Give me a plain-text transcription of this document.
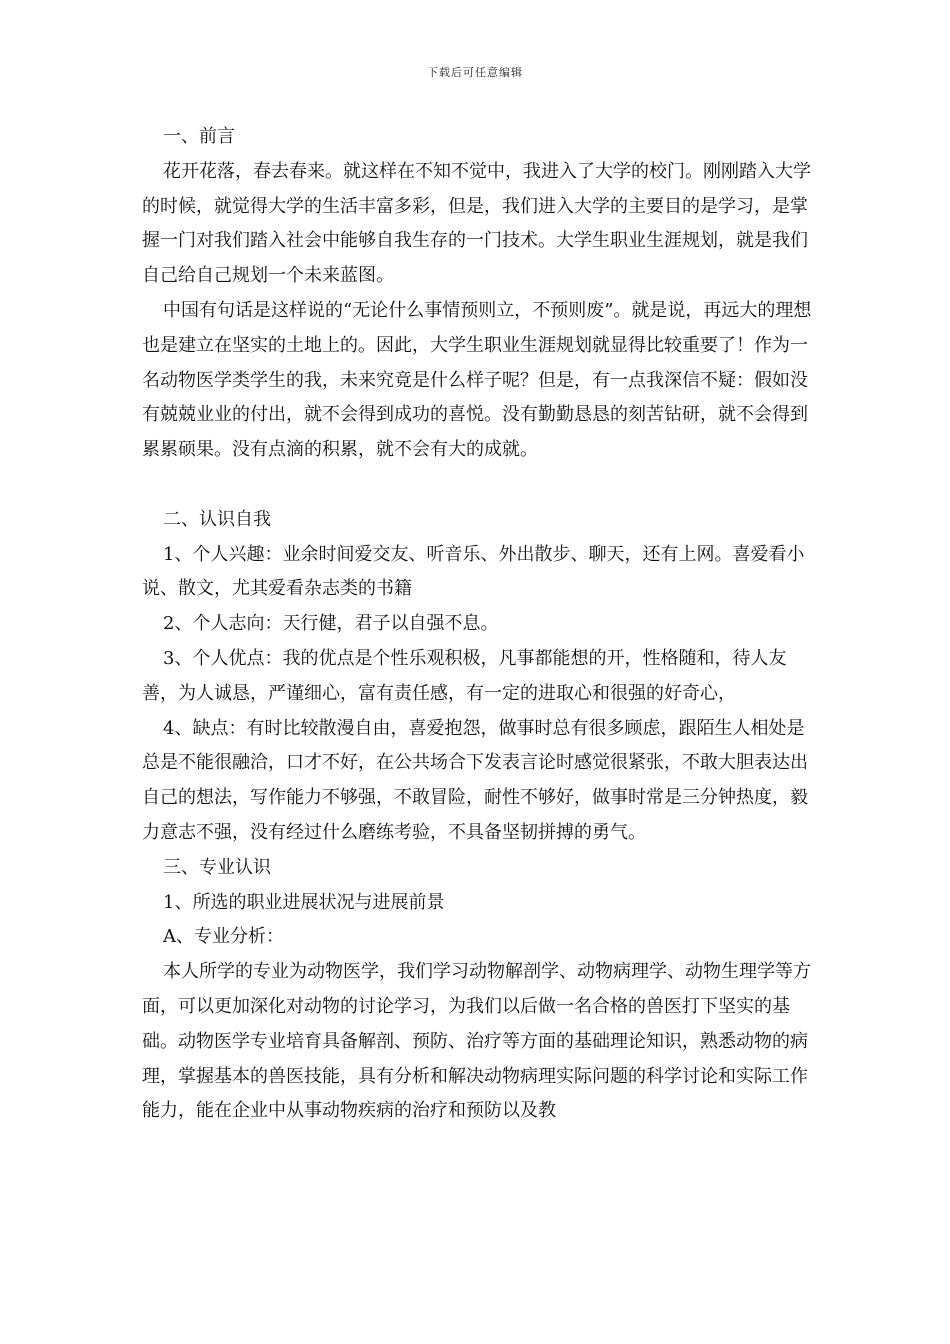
下载后可任意编辑

一、前言

花开花落，春去春来。就这样在不知不觉中，我进入了大学的校门。刚刚踏入大学的时候，就觉得大学的生活丰富多彩，但是，我们进入大学的主要目的是学习，是掌握一门对我们踏入社会中能够自我生存的一门技术。大学生职业生涯规划，就是我们自己给自己规划一个未来蓝图。

中国有句话是这样说的“无论什么事情预则立，不预则废”。就是说，再远大的理想也是建立在坚实的土地上的。因此，大学生职业生涯规划就显得比较重要了！作为一名动物医学类学生的我，未来究竟是什么样子呢？但是，有一点我深信不疑：假如没有兢兢业业的付出，就不会得到成功的喜悦。没有勤勤恳恳的刻苦钻研，就不会得到累累硕果。没有点滴的积累，就不会有大的成就。

二、认识自我

1、个人兴趣：业余时间爱交友、听音乐、外出散步、聊天，还有上网。喜爱看小说、散文，尤其爱看杂志类的书籍

2、个人志向：天行健，君子以自强不息。

3、个人优点：我的优点是个性乐观积极，凡事都能想的开，性格随和，待人友善，为人诚恳，严谨细心，富有责任感，有一定的进取心和很强的好奇心，

4、缺点：有时比较散漫自由，喜爱抱怨，做事时总有很多顾虑，跟陌生人相处是总是不能很融洽，口才不好，在公共场合下发表言论时感觉很紧张，不敢大胆表达出自己的想法，写作能力不够强，不敢冒险，耐性不够好，做事时常是三分钟热度，毅力意志不强，没有经过什么磨练考验，不具备坚韧拼搏的勇气。

三、专业认识

1、所选的职业进展状况与进展前景

A、专业分析：

本人所学的专业为动物医学，我们学习动物解剖学、动物病理学、动物生理学等方面，可以更加深化对动物的讨论学习，为我们以后做一名合格的兽医打下坚实的基础。动物医学专业培育具备解剖、预防、治疗等方面的基础理论知识，熟悉动物的病理，掌握基本的兽医技能，具有分析和解决动物病理实际问题的科学讨论和实际工作能力，能在企业中从事动物疾病的治疗和预防以及教
